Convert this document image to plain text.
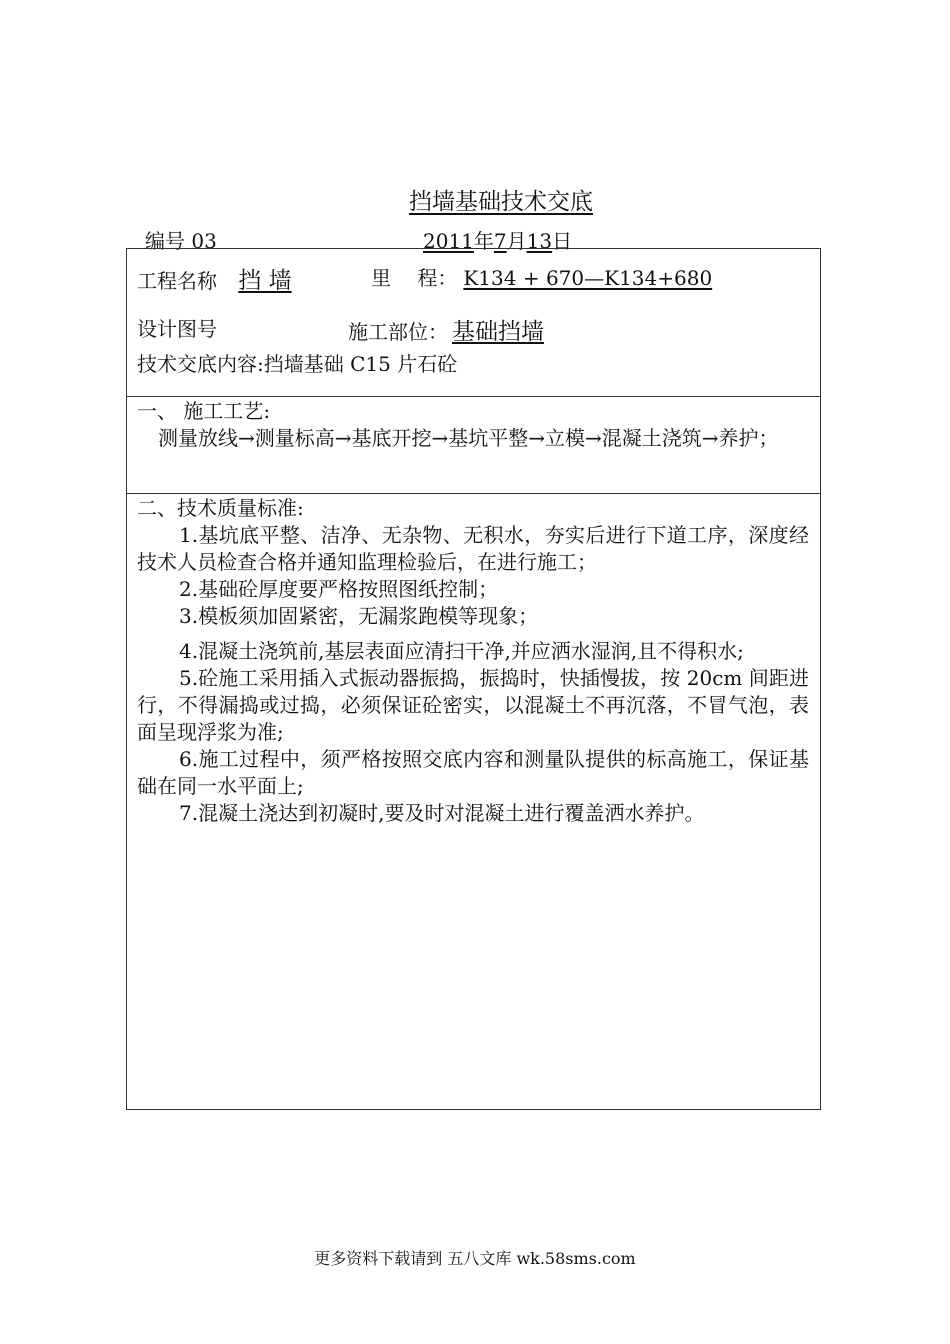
挡墙基础技术交底
编号 03	2011年7月13日
工程名称 挡 墙	里　 程： K134 + 670—K134+680
设计图号	施工部位： 基础挡墙
技术交底内容:挡墙基础 C15 片石砼
一、 施工工艺:
测量放线→测量标高→基底开挖→基坑平整→立模→混凝土浇筑→养护；
二、技术质量标准:
1.基坑底平整、洁净、无杂物、无积水，夯实后进行下道工序，深度经技术人员检查合格并通知监理检验后，在进行施工；
2.基础砼厚度要严格按照图纸控制；
3.模板须加固紧密，无漏浆跑模等现象；
4.混凝土浇筑前,基层表面应清扫干净,并应洒水湿润,且不得积水;
5.砼施工采用插入式振动器振捣，振捣时，快插慢拔，按 20cm 间距进行，不得漏捣或过捣，必须保证砼密实，以混凝土不再沉落，不冒气泡，表面呈现浮浆为准;
6.施工过程中，须严格按照交底内容和测量队提供的标高施工，保证基础在同一水平面上;
7.混凝土浇达到初凝时,要及时对混凝土进行覆盖洒水养护。
更多资料下载请到 五八文库 wk.58sms.com
